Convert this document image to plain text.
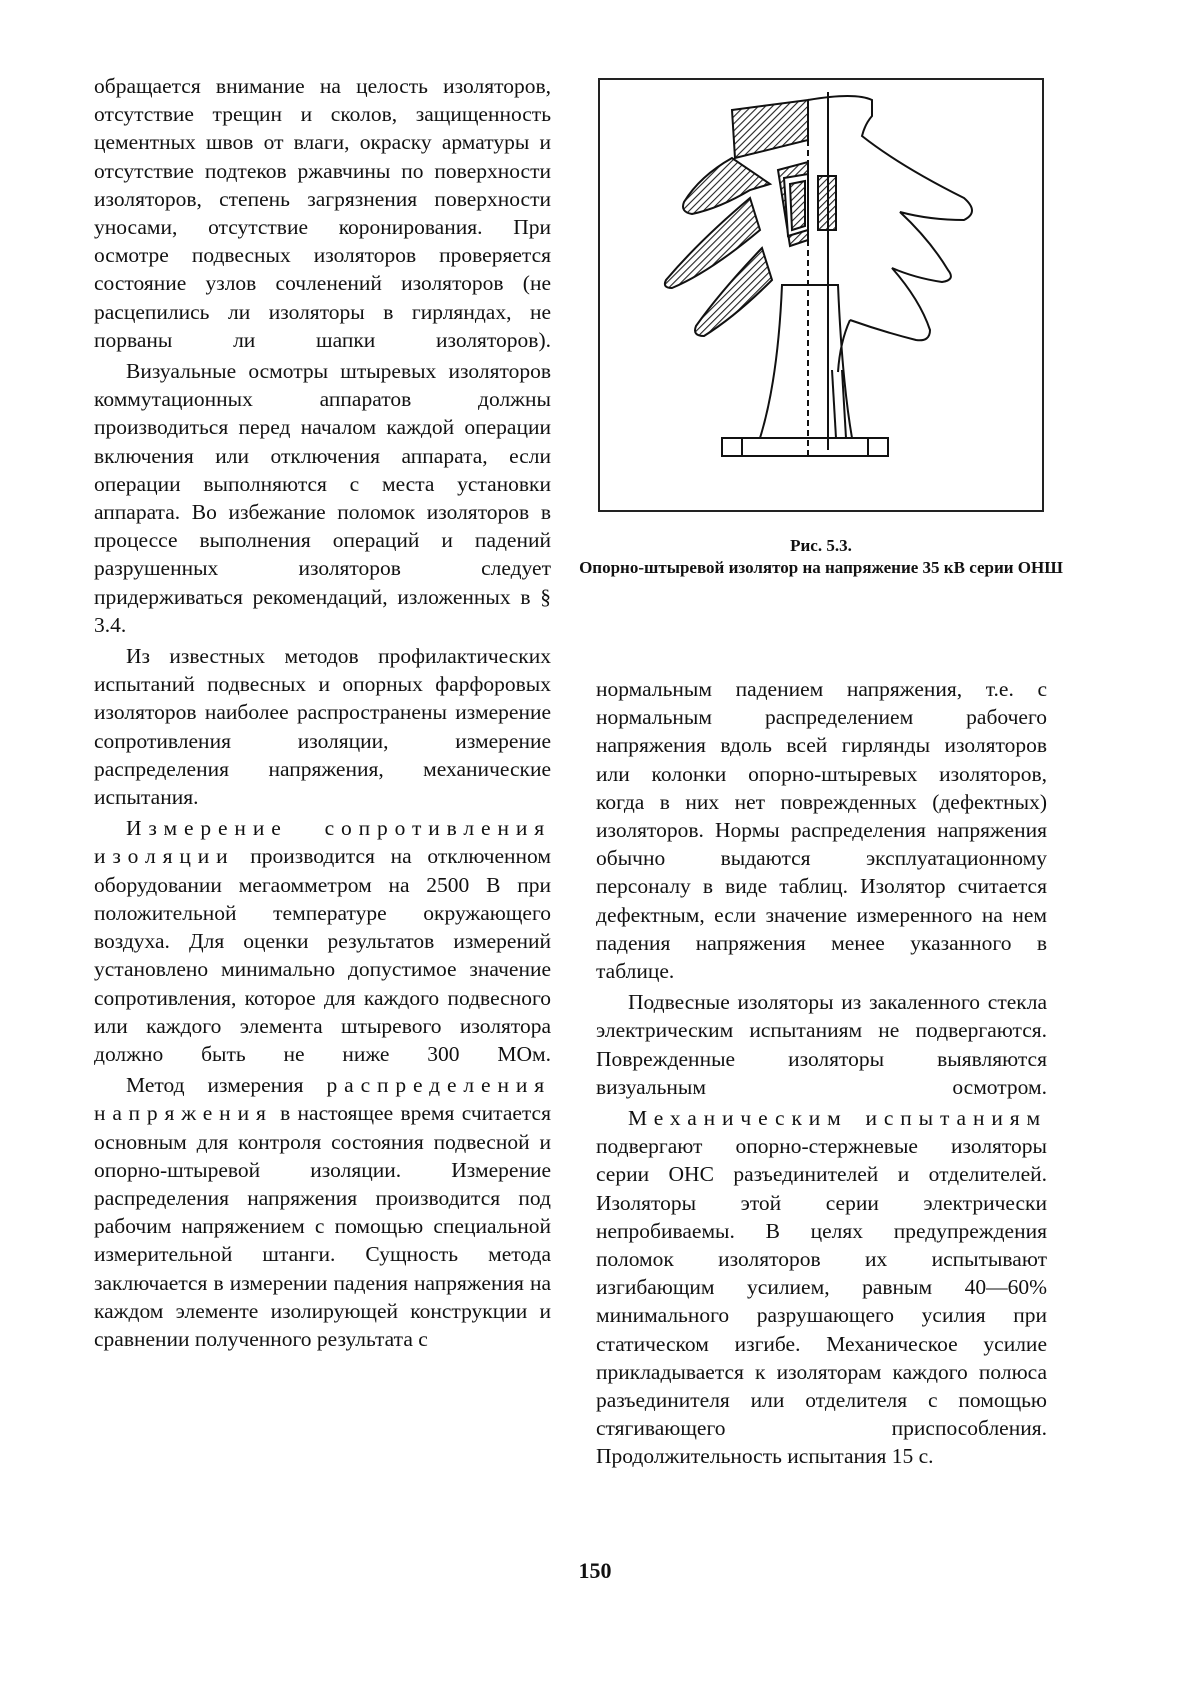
обращается внимание на целость изоляторов, отсутствие трещин и сколов, защищенность цементных швов от влаги, окраску арматуры и отсутствие подтеков ржавчины по поверхности изоляторов, степень загрязнения поверхности уносами, отсутствие коронирования. При осмотре подвесных изоляторов проверяется состояние узлов сочленений изоляторов (не расцепились ли изоляторы в гирляндах, не порваны ли шапки изоляторов).

Визуальные осмотры штыревых изоляторов коммутационных аппаратов должны производиться перед началом каждой операции включения или отключения аппарата, если операции выполняются с места установки аппарата. Во избежание поломок изоляторов в процессе выполнения операций и падений разрушенных изоляторов следует придерживаться рекомендаций, изложенных в § 3.4.

Из известных методов профилактических испытаний подвесных и опорных фарфоровых изоляторов наиболее распространены измерение сопротивления изоляции, измерение распределения напряжения, механические испытания.

Измерение сопротивления изоляции производится на отключенном оборудовании мегаомметром на 2500 В при положительной температуре окружающего воздуха. Для оценки результатов измерений установлено минимально допустимое значение сопротивления, которое для каждого подвесного или каждого элемента штыревого изолятора должно быть не ниже 300 МОм.

Метод измерения распределения напряжения в настоящее время считается основным для контроля состояния подвесной и опорно-штыревой изоляции. Измерение распределения напряжения производится под рабочим напряжением с помощью специальной измерительной штанги. Сущность метода заключается в измерении падения напряжения на каждом элементе изолирующей конструкции и сравнении полученного результата с

Рис. 5.3.
Опорно-штыревой изолятор на напряжение 35 кВ серии ОНШ

нормальным падением напряжения, т.е. с нормальным распределением рабочего напряжения вдоль всей гирлянды изоляторов или колонки опорно-штыревых изоляторов, когда в них нет поврежденных (дефектных) изоляторов. Нормы распределения напряжения обычно выдаются эксплуатационному персоналу в виде таблиц. Изолятор считается дефектным, если значение измеренного на нем падения напряжения менее указанного в таблице.

Подвесные изоляторы из закаленного стекла электрическим испытаниям не подвергаются. Поврежденные изоляторы выявляются визуальным осмотром.

Механическим испытаниям подвергают опорно-стержневые изоляторы серии ОНС разъединителей и отделителей. Изоляторы этой серии электрически непробиваемы. В целях предупреждения поломок изоляторов их испытывают изгибающим усилием, равным 40—60% минимального разрушающего усилия при статическом изгибе. Механическое усилие прикладывается к изоляторам каждого полюса разъединителя или отделителя с помощью стягивающего приспособления. Продолжительность испытания 15 с.

150
